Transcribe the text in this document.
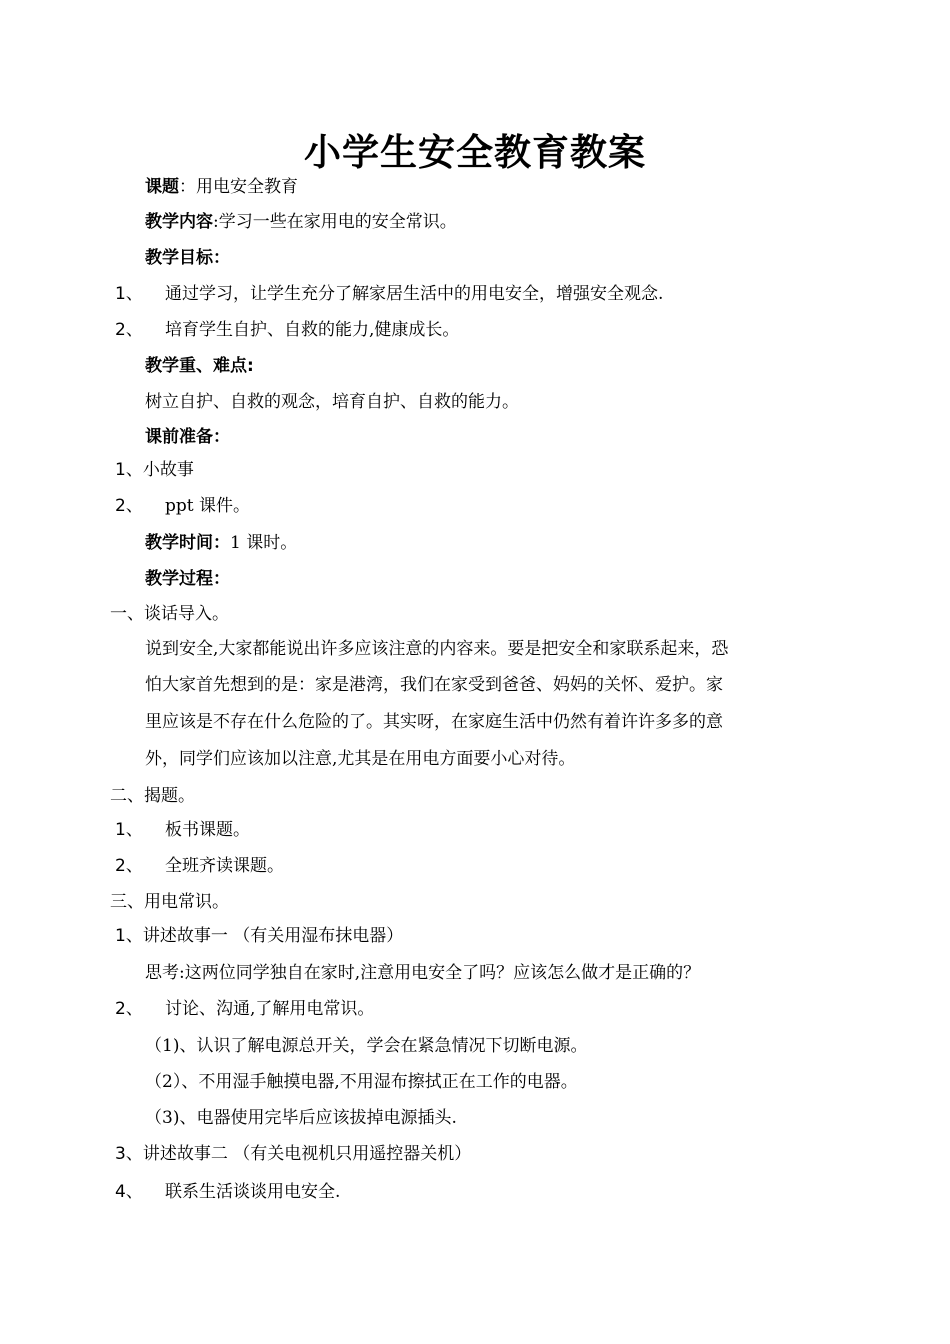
小学生安全教育教案
课题：用电安全教育
教学内容:学习一些在家用电的安全常识。
教学目标：
1、 通过学习，让学生充分了解家居生活中的用电安全，增强安全观念.
2、 培育学生自护、自救的能力,健康成长。
教学重、难点:
树立自护、自救的观念，培育自护、自救的能力。
课前准备：
1、小故事
2、 ppt 课件。
教学时间：1 课时。
教学过程：
一、谈话导入。
说到安全,大家都能说出许多应该注意的内容来。要是把安全和家联系起来，恐
怕大家首先想到的是：家是港湾，我们在家受到爸爸、妈妈的关怀、爱护。家
里应该是不存在什么危险的了。其实呀，在家庭生活中仍然有着许许多多的意
外，同学们应该加以注意,尤其是在用电方面要小心对待。
二、揭题。
1、 板书课题。
2、 全班齐读课题。
三、用电常识。
1、讲述故事一 （有关用湿布抹电器）
思考:这两位同学独自在家时,注意用电安全了吗？应该怎么做才是正确的？
2、 讨论、沟通,了解用电常识。
（1)、认识了解电源总开关，学会在紧急情况下切断电源。
（2）、不用湿手触摸电器,不用湿布擦拭正在工作的电器。
（3)、电器使用完毕后应该拔掉电源插头.
3、讲述故事二 （有关电视机只用遥控器关机）
4、 联系生活谈谈用电安全.
